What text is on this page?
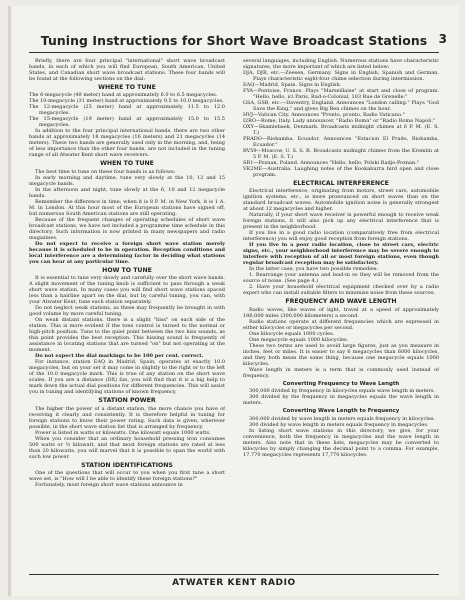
Tuning Instructions for Short Wave Broadcast Stations 3

Briefly, there are four principal "international" short wave broadcast bands, in each of which you will find European, South American, United States, and Canadian short wave broadcast stations. These four bands will be found at the following sections on the dial:

WHERE TO TUNE

The 6-megacycle (49 meter) band at approximately 6.0 to 6.5 megacycles.

The 10-megacycle (31 meter) band at approximately 9.5 to 10.0 megacycles.

The 12-megacycle (25 meter) band at approximately 11.5 to 12.0 megacycles.

The 15-megacycle (19 meter) band at approximately 15.0 to 15.5 megacycles.

In addition to the four principal international bands, there are two other bands at approximately 18 megacycles (16 meters) and 21 megacycles (14 meters). These two bands are generally used only in the morning, and, being of less importance than the other four bands, are not included in the tuning range of all Atwater Kent short wave receivers.

WHEN TO TUNE

The best time to tune on these four bands is as follows:

In early morning and daytime, tune very slowly at the 10, 12 and 15 megacycle bands.

In the afternoon and night, tune slowly at the 6, 10 and 12 megacycle bands.

Remember the difference in time; when it is 8 P. M. in New York, it is 1 A. M. in London. At this hour most of the European stations have signed off, but numerous South American stations are still operating.

Because of the frequent changes of operating schedules of short wave broadcast stations, we have not included a programme time schedule in this directory. Such information is now printed in many newspapers and radio magazines.

Do not expect to receive a foreign short wave station merely because it is scheduled to be in operation. Reception conditions and local interference are a determining factor in deciding what stations you can hear at any particular time.

HOW TO TUNE

It is essential to tune very slowly and carefully over the short wave bands. A slight movement of the tuning knob is sufficient to pass through a weak short wave station. In many cases you will find short wave stations spaced less than a hairline apart on the dial, but by careful tuning, you can, with your Atwater Kent, tune each station separately.

Do not neglect weak stations, as these may frequently be brought in with good volume by more careful tuning.

On weak distant stations, there is a slight "hiss" on each side of the station. This is more evident if the tone control is turned to the normal or high-pitch position. Tune to the quiet point between the two hiss sounds, as this point provides the best reception. This hissing sound is frequently of assistance in locating stations that are turned "on" but not operating at the moment.

Do not expect the dial markings to be 100 per cent. correct.

For instance, station EAQ in Madrid, Spain, operates at exactly 10.0 megacycles, but on your set it may come in slightly to the right or to the left of the 10.0 megacycle mark. This is true of any station on the short wave scales. If you are a distance (DX) fan, you will find that it is a big help to mark down the actual dial positions for different frequencies. This will assist you in tuning and identifying stations of known frequency.

STATION POWER

The higher the power of a distant station, the more chance you have of receiving it clearly and consistently. It is therefore helpful in tuning for foreign stations to know their power rating. Such data is given, wherever possible, in the short wave station list that is arranged by frequency.

Power is listed in watts or kilowatts. One kilowatt equals 1000 watts.

When you consider that an ordinary household pressing iron consumes 500 watts or ½ kilowatt, and that most foreign stations are rated at less than 20 kilowatts, you will marvel that it is possible to span the world with such low power.

STATION IDENTIFICATIONS

One of the questions that will occur to you when you first tune a short wave set, is "How will I be able to identify these foreign stations?"

Fortunately, most foreign short wave stations announce in

several languages, including English. Numerous stations have characteristic signatures, the more important of which are listed below:

DJA, DJB, etc.—Zeesen, Germany. Signs in English, Spanish and German. Plays characteristic eight-four chime selection during intermission.

EAQ—Madrid, Spain. Signs in English.

FYA—Pontoise, France. Plays "Marseillaise" at start and close of program. "Hello, hello, ici Paris, Rad-o-Colonial, 103 Rue de Grenelle."

GSA, GSB, etc.—Daventry, England. Announces "London calling." Plays "God Save the King," and gives Big Ben chimes on the hour.

HVJ—Vatican City. Announces "Pronto, pronto, Radio Vaticano."

I2RO—Rome, Italy. Lady announcer, "Radio Roma" or "Radio Roma Napoli."

OXY—Skamlebaek, Denmark. Broadcasts midnight chimes at 6 P. M. (E. S. T.)

PRADO—Riobamba, Ecuador. Announces "Estacion El Prado, Riobamba, Ecuador."

RV59—Moscow, U. S. S. R. Broadcasts midnight chimes from the Kremlin at 5 P. M. (E. S. T.)

SR1—Poznan, Poland. Announces "Hello, hello, Polski Radjo-Poznan."

VK2ME—Australia. Laughing notes of the Kookaburra bird open and close program.

ELECTRICAL INTERFERENCE

Electrical interference, originating from motors, street cars, automobile ignition systems, etc., is more pronounced on short waves than on the standard broadcast waves. Automobile ignition noise is generally strongest at about 12 megacycles and higher.

Naturally, if your short wave receiver is powerful enough to receive weak foreign stations, it will also pick up any electrical interference that is present in the neighborhood.

If you live in a good radio location (comparatively free from electrical interference) you will enjoy good reception from foreign stations.

If you live in a poor radio location, close to street cars, electric signs, etc., your neighborhood interference may be severe enough to interfere with reception of all or most foreign stations, even though regular broadcast reception may be satisfactory.

In the latter case, you have two possible remedies:

1. Rearrange your antenna and lead-in so they will be removed from the source of noise. (See page 4.)

2. Have your household electrical equipment checked over by a radio expert who can install suitable filters to minimize noise from these sources.

FREQUENCY AND WAVE LENGTH

Radio waves, like waves of light, travel at a speed of approximately 186,000 miles (300,000 kilometers) a second.

Radio stations operate at different frequencies which are expressed in either kilocycles or megacycles per second.

One kilocycle equals 1000 cycles.

One megacycle equals 1000 kilocycles.

These two terms are used to avoid large figures, just as you measure in inches, feet or miles. It is easier to say 6 megacycles than 6000 kilocycles, and they both mean the same thing, because one megacycle equals 1000 kilocycles.

Wave length in meters is a term that is commonly used instead of frequency.

Converting Frequency to Wave Length

300,000 divided by frequency in kilocycles equals wave length in meters.

300 divided by the frequency in megacycles equals the wave length in meters.

Converting Wave Length to Frequency

300,000 divided by wave length in meters equals frequency in kilocycles.

300 divided by wave length in meters equals frequency in megacycles.

In listing short wave stations in this directory, we give, for your convenience, both the frequency in megacycles and the wave length in meters. Also note that in these lists, megacycles may be converted to kilocycles by simply changing the decimal point to a comma. For example, 17.770 megacycles represents 17,770 kilocycles.

ATWATER KENT RADIO
